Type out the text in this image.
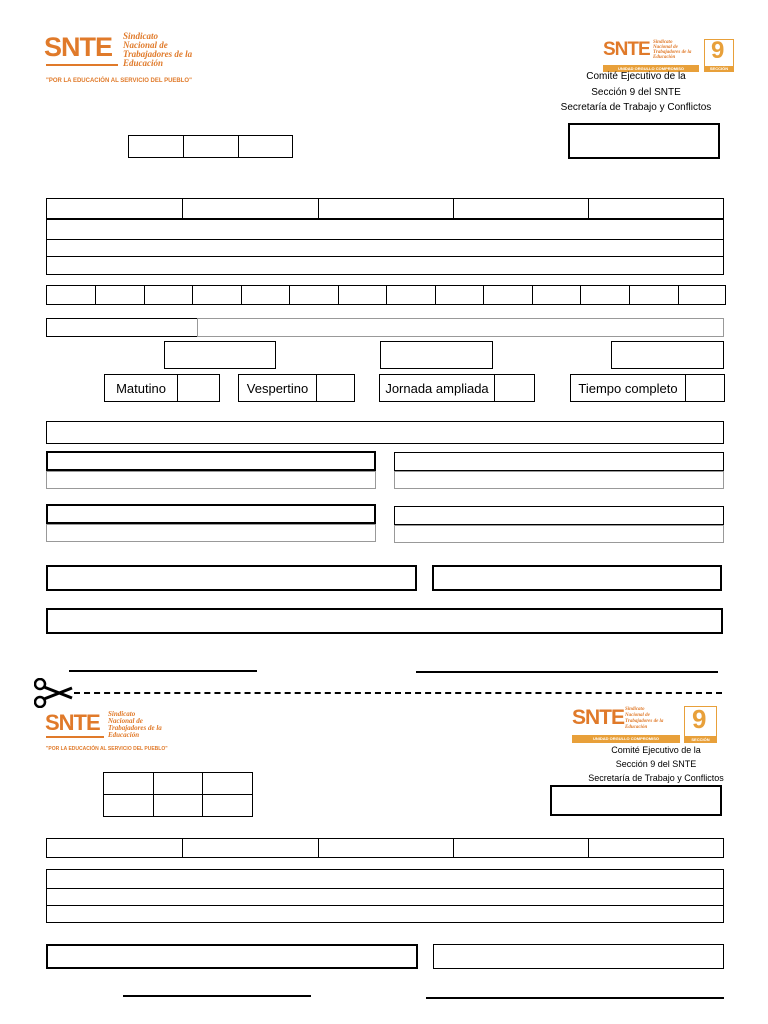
SNTE Sindicato
Nacional de
Trabajadores de la
Educación
"POR LA EDUCACIÓN AL SERVICIO DEL PUEBLO"
SNTE Sindicato
Nacional de
Trabajadores de la
Educación
UNIDAD ORGULLO COMPROMISO
9
SECCIÓN
Comité Ejecutivo de la
Sección 9 del SNTE
Secretaría de Trabajo y Conflictos
Matutino	Vespertino	Jornada ampliada	Tiempo completo
SNTE Sindicato
Nacional de
Trabajadores de la
Educación
"POR LA EDUCACIÓN AL SERVICIO DEL PUEBLO"
SNTE Sindicato
Nacional de
Trabajadores de la
Educación
UNIDAD ORGULLO COMPROMISO
9
SECCIÓN
Comité Ejecutivo de la
Sección 9 del SNTE
Secretaría de Trabajo y Conflictos
